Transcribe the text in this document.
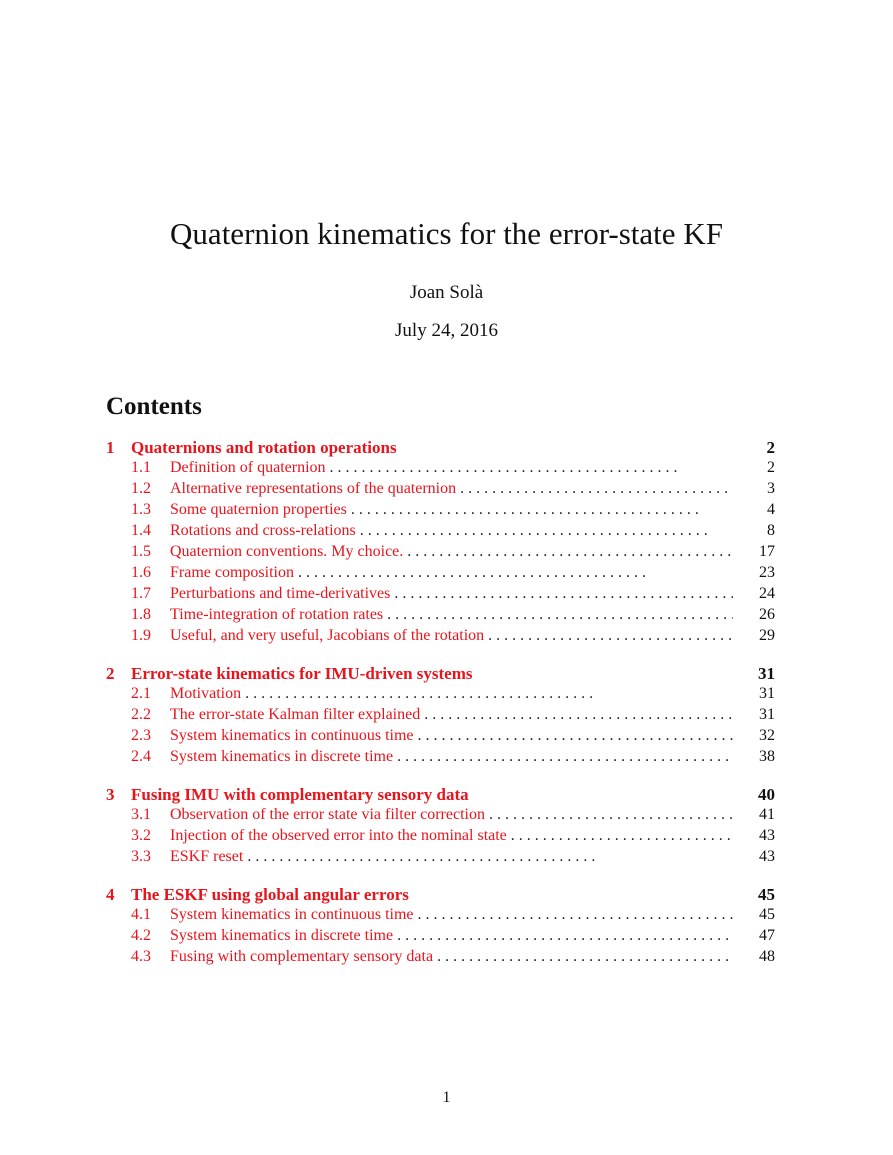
Quaternion kinematics for the error-state KF
Joan Solà
July 24, 2016
Contents
1 Quaternions and rotation operations	2
1.1	Definition of quaternion . .	2
1.2	Alternative representations of the quaternion . .	3
1.3	Some quaternion properties . .	4
1.4	Rotations and cross-relations . .	8
1.5	Quaternion conventions. My choice. . .	17
1.6	Frame composition . .	23
1.7	Perturbations and time-derivatives . .	24
1.8	Time-integration of rotation rates . .	26
1.9	Useful, and very useful, Jacobians of the rotation . .	29
2 Error-state kinematics for IMU-driven systems	31
2.1	Motivation . .	31
2.2	The error-state Kalman filter explained . .	31
2.3	System kinematics in continuous time . .	32
2.4	System kinematics in discrete time . .	38
3 Fusing IMU with complementary sensory data	40
3.1	Observation of the error state via filter correction . .	41
3.2	Injection of the observed error into the nominal state . .	43
3.3	ESKF reset . .	43
4 The ESKF using global angular errors	45
4.1	System kinematics in continuous time . .	45
4.2	System kinematics in discrete time . .	47
4.3	Fusing with complementary sensory data . .	48
1
